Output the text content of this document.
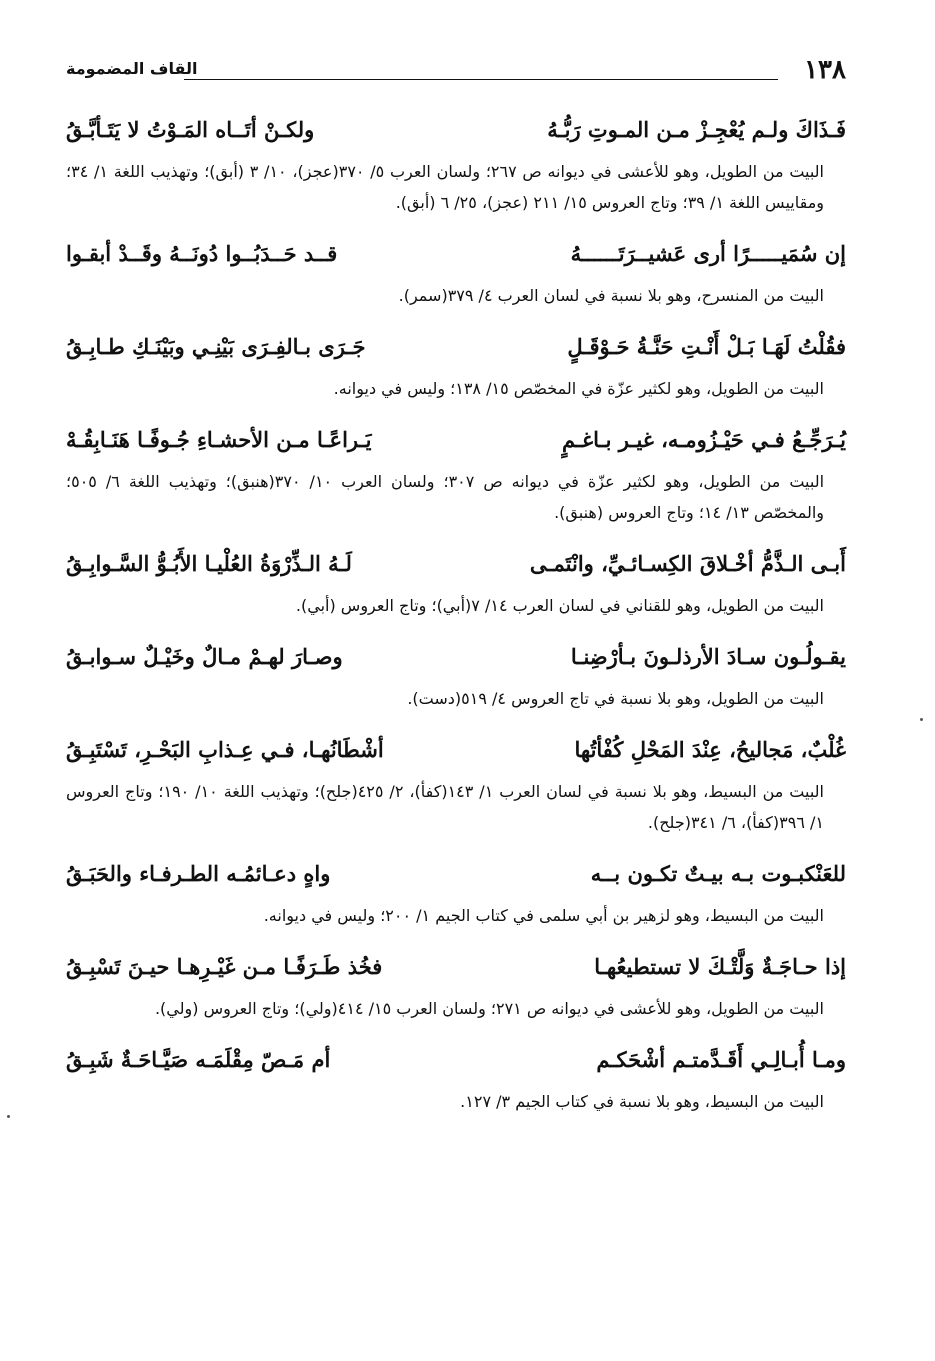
١٣٨
القاف المضمومة
فَـذَاكَ ولـم يُعْجِـزْ مـن المـوتِ رَبُّـهُ
ولكـنْ أتَــاه المَـوْتُ لا يَتَـأبَّـقُ
البيت من الطويل، وهو للأعشى في ديوانه ص ٢٦٧؛ ولسان العرب ٥/ ٣٧٠(عجز)، ١٠/ ٣ (أبق)؛ وتهذيب اللغة ١/ ٣٤؛ ومقاييس اللغة ١/ ٣٩؛ وتاج العروس ١٥/ ٢١١ (عجز)، ٢٥/ ٦ (أبق).
إن سُمَيـــــرًا أرى عَشيــرَتَــــــهُ
قــد حَــدَبُــوا دُونَــهُ وقَــدْ أبقـوا
البيت من المنسرح، وهو بلا نسبة في لسان العرب ٤/ ٣٧٩(سمر).
فقُلْتُ لَهَـا بَـلْ أَنْـتِ حَنَّـةُ حَـوْقَـلٍ
جَـرَى بـالفِـرَى بَيْنِـي وبَيْنَـكِ طـابِـقُ
البيت من الطويل، وهو لكثير عزّة في المخصّص ١٥/ ١٣٨؛ وليس في ديوانه.
يُـرَجِّـعُ فـي حَيْـزُومـه، غيـر بـاغـمٍ
يَـراعًـا مـن الأحشـاءِ جُـوفًـا هَنَـابِقُـهْ
البيت من الطويل، وهو لكثير عزّة في ديوانه ص ٣٠٧؛ ولسان العرب ١٠/ ٣٧٠(هنبق)؛ وتهذيب اللغة ٦/ ٥٠٥؛ والمخصّص ١٣/ ١٤؛ وتاج العروس (هنبق).
أَبـى الـذَّمُّ أخْـلاقَ الكِسـائـيِّ، وانْتَمـى
لَـهُ الـذِّرْوَةُ العُلْيـا الأَبُـوُّ السَّـوابِـقُ
البيت من الطويل، وهو للقناني في لسان العرب ١٤/ ٧(أبي)؛ وتاج العروس (أبي).
يقـولُـون سـادَ الأرذلـونَ بـأرْضِنـا
وصـارَ لهـمْ مـالٌ وخَيْـلٌ سـوابـقُ
البيت من الطويل، وهو بلا نسبة في تاج العروس ٤/ ٥١٩(دست).
غُلْبٌ، مَجاليحُ، عِنْدَ المَحْلِ كُفْأتُها
أشْطَانُهـا، فـي عِـذابِ البَحْـرِ، تَسْتَبِـقُ
البيت من البسيط، وهو بلا نسبة في لسان العرب ١/ ١٤٣(كفأ)، ٢/ ٤٢٥(جلح)؛ وتهذيب اللغة ١٠/ ١٩٠؛ وتاج العروس ١/ ٣٩٦(كفأ)، ٦/ ٣٤١(جلح).
للعَنْكبـوت بـه بيـتٌ تكـون بــه
واهٍ دعـائمُـه الطـرفـاء والحَبَـقُ
البيت من البسيط، وهو لزهير بن أبي سلمى في كتاب الجيم ١/ ٢٠٠؛ وليس في ديوانه.
إذا حـاجَـةٌ وَلَّتْـكَ لا تستطيعُهـا
فخُذ طَـرَفًـا مـن غَيْـرِهـا حيـنَ تَسْبِـقُ
البيت من الطويل، وهو للأعشى في ديوانه ص ٢٧١؛ ولسان العرب ١٥/ ٤١٤(ولي)؛ وتاج العروس (ولي).
ومـا أُبـالِـي أَقَـدَّمتـم أشْحَكـم
أم مَـصّ مِقْلَمَـه صَيَّـاحَـةٌ شَبِـقُ
البيت من البسيط، وهو بلا نسبة في كتاب الجيم ٣/ ١٢٧.
